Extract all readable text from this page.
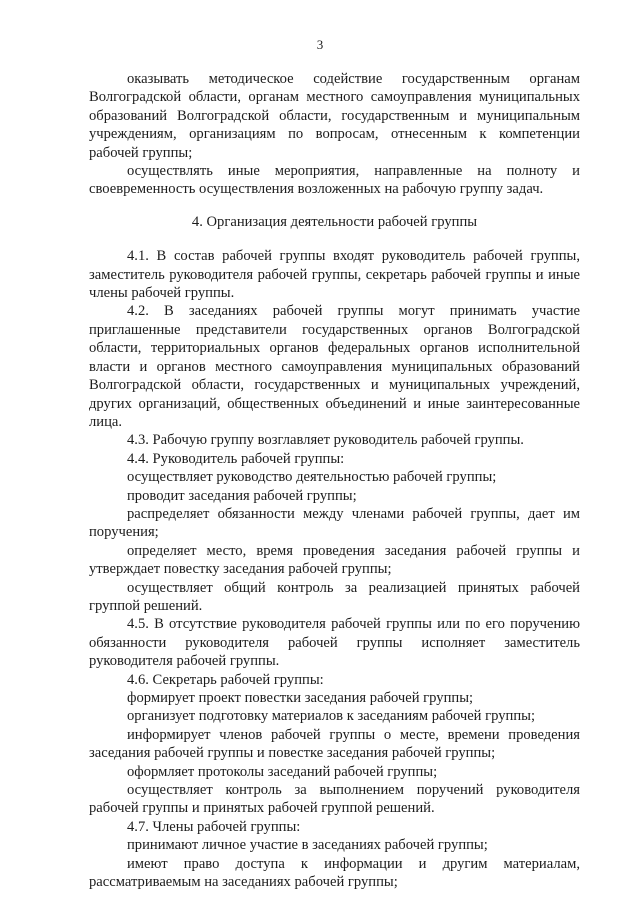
3

оказывать методическое содействие государственным органам Волгоградской области, органам местного самоуправления муниципальных образований Волгоградской области, государственным и муниципальным учреждениям, организациям по вопросам, отнесенным к компетенции рабочей группы;

осуществлять иные мероприятия, направленные на полноту и своевременность осуществления возложенных на рабочую группу задач.

4. Организация деятельности рабочей группы

4.1. В состав рабочей группы входят руководитель рабочей группы, заместитель руководителя рабочей группы, секретарь рабочей группы и иные члены рабочей группы.

4.2. В заседаниях рабочей группы могут принимать участие приглашенные представители государственных органов Волгоградской области, территориальных органов федеральных органов исполнительной власти и органов местного самоуправления муниципальных образований Волгоградской области, государственных и муниципальных учреждений, других организаций, общественных объединений и иные заинтересованные лица.

4.3. Рабочую группу возглавляет руководитель рабочей группы.

4.4. Руководитель рабочей группы:

осуществляет руководство деятельностью рабочей группы;

проводит заседания рабочей группы;

распределяет обязанности между членами рабочей группы, дает им поручения;

определяет место, время проведения заседания рабочей группы и утверждает повестку заседания рабочей группы;

осуществляет общий контроль за реализацией принятых рабочей группой решений.

4.5. В отсутствие руководителя рабочей группы или по его поручению обязанности руководителя рабочей группы исполняет заместитель руководителя рабочей группы.

4.6. Секретарь рабочей группы:

формирует проект повестки заседания рабочей группы;

организует подготовку материалов к заседаниям рабочей группы;

информирует членов рабочей группы о месте, времени проведения заседания рабочей группы и повестке заседания рабочей группы;

оформляет протоколы заседаний рабочей группы;

осуществляет контроль за выполнением поручений руководителя рабочей группы и принятых рабочей группой решений.

4.7. Члены рабочей группы:

принимают личное участие в заседаниях рабочей группы;

имеют право доступа к информации и другим материалам, рассматриваемым на заседаниях рабочей группы;
